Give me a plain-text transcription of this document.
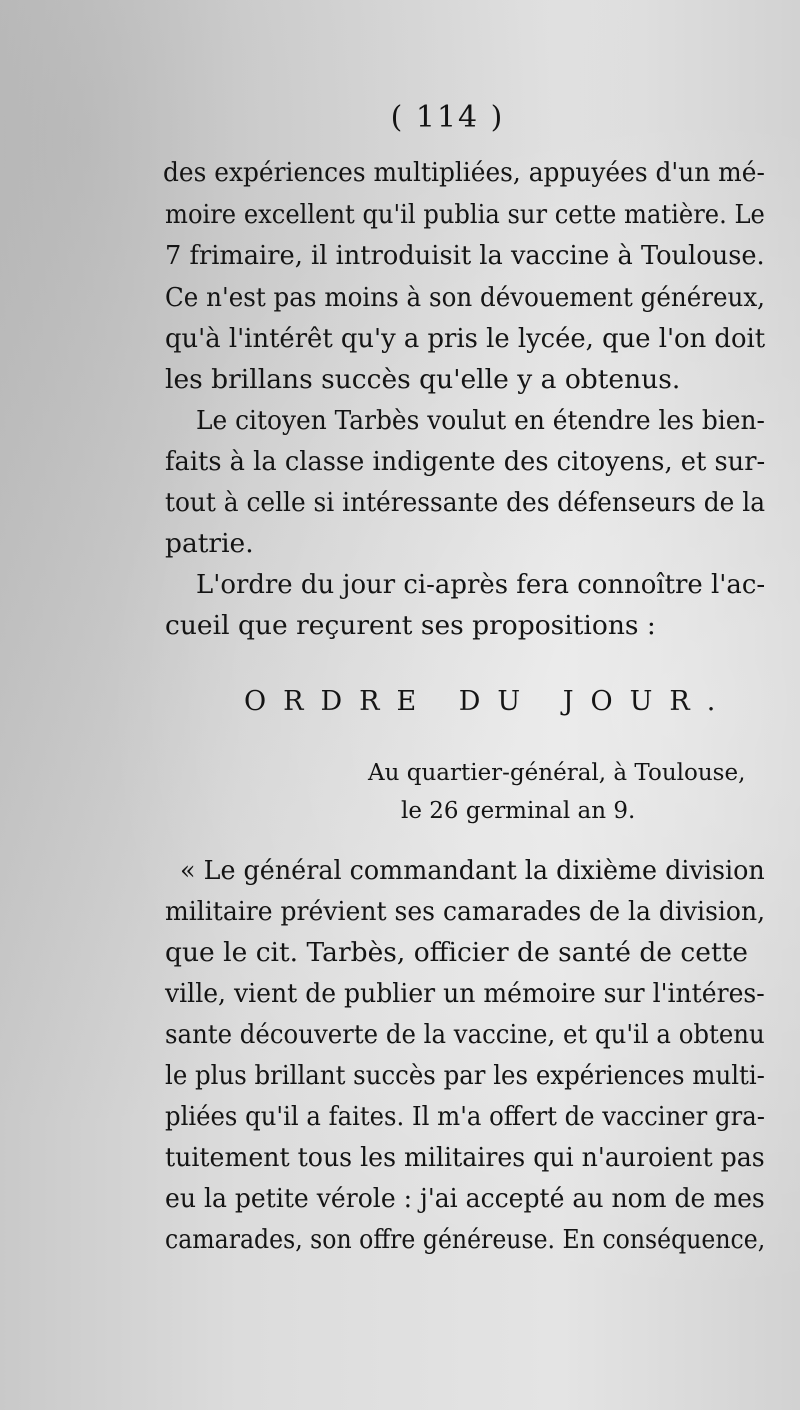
( 114 )
des expériences multipliées, appuyées d'un mé-
moire excellent qu'il publia sur cette matière. Le
7 frimaire, il introduisit la vaccine à Toulouse.
Ce n'est pas moins à son dévouement généreux,
qu'à l'intérêt qu'y a pris le lycée, que l'on doit
les brillans succès qu'elle y a obtenus.
Le citoyen Tarbès voulut en étendre les bien-
faits à la classe indigente des citoyens, et sur-
tout à celle si intéressante des défenseurs de la
patrie.
L'ordre du jour ci-après fera connoître l'ac-
cueil que reçurent ses propositions :
ORDRE DU JOUR.
Au quartier-général, à Toulouse,
le 26 germinal an 9.
« Le général commandant la dixième division
militaire prévient ses camarades de la division,
que le cit. Tarbès, officier de santé de cette
ville, vient de publier un mémoire sur l'intéres-
sante découverte de la vaccine, et qu'il a obtenu
le plus brillant succès par les expériences multi-
pliées qu'il a faites. Il m'a offert de vacciner gra-
tuitement tous les militaires qui n'auroient pas
eu la petite vérole : j'ai accepté au nom de mes
camarades, son offre généreuse. En conséquence,
